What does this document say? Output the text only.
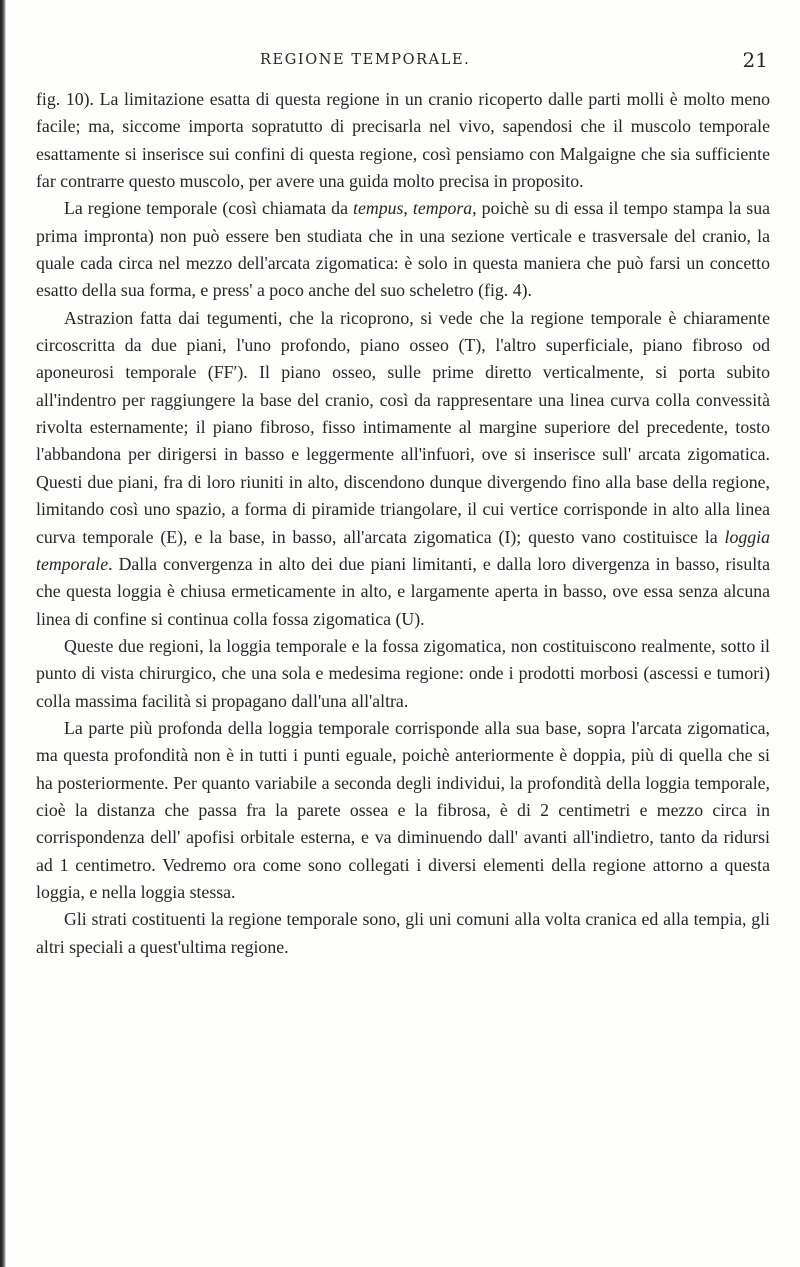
REGIONE TEMPORALE.	21

fig. 10). La limitazione esatta di questa regione in un cranio ricoperto dalle parti molli è molto meno facile; ma, siccome importa sopratutto di precisarla nel vivo, sapendosi che il muscolo temporale esattamente si inserisce sui confini di questa regione, così pensiamo con Malgaigne che sia sufficiente far contrarre questo muscolo, per avere una guida molto precisa in proposito.

La regione temporale (così chiamata da tempus, tempora, poichè su di essa il tempo stampa la sua prima impronta) non può essere ben studiata che in una sezione verticale e trasversale del cranio, la quale cada circa nel mezzo dell'arcata zigomatica: è solo in questa maniera che può farsi un concetto esatto della sua forma, e press' a poco anche del suo scheletro (fig. 4).

Astrazion fatta dai tegumenti, che la ricoprono, si vede che la regione temporale è chiaramente circoscritta da due piani, l'uno profondo, piano osseo (T), l'altro superficiale, piano fibroso od aponeurosi temporale (FF′). Il piano osseo, sulle prime diretto verticalmente, si porta subito all'indentro per raggiungere la base del cranio, così da rappresentare una linea curva colla convessità rivolta esternamente; il piano fibroso, fisso intimamente al margine superiore del precedente, tosto l'abbandona per dirigersi in basso e leggermente all'infuori, ove si inserisce sull' arcata zigomatica. Questi due piani, fra di loro riuniti in alto, discendono dunque divergendo fino alla base della regione, limitando così uno spazio, a forma di piramide triangolare, il cui vertice corrisponde in alto alla linea curva temporale (E), e la base, in basso, all'arcata zigomatica (I); questo vano costituisce la loggia temporale. Dalla convergenza in alto dei due piani limitanti, e dalla loro divergenza in basso, risulta che questa loggia è chiusa ermeticamente in alto, e largamente aperta in basso, ove essa senza alcuna linea di confine si continua colla fossa zigomatica (U).

Queste due regioni, la loggia temporale e la fossa zigomatica, non costituiscono realmente, sotto il punto di vista chirurgico, che una sola e medesima regione: onde i prodotti morbosi (ascessi e tumori) colla massima facilità si propagano dall'una all'altra.

La parte più profonda della loggia temporale corrisponde alla sua base, sopra l'arcata zigomatica, ma questa profondità non è in tutti i punti eguale, poichè anteriormente è doppia, più di quella che si ha posteriormente. Per quanto variabile a seconda degli individui, la profondità della loggia temporale, cioè la distanza che passa fra la parete ossea e la fibrosa, è di 2 centimetri e mezzo circa in corrispondenza dell' apofisi orbitale esterna, e va diminuendo dall' avanti all'indietro, tanto da ridursi ad 1 centimetro. Vedremo ora come sono collegati i diversi elementi della regione attorno a questa loggia, e nella loggia stessa.

Gli strati costituenti la regione temporale sono, gli uni comuni alla volta cranica ed alla tempia, gli altri speciali a quest'ultima regione.
